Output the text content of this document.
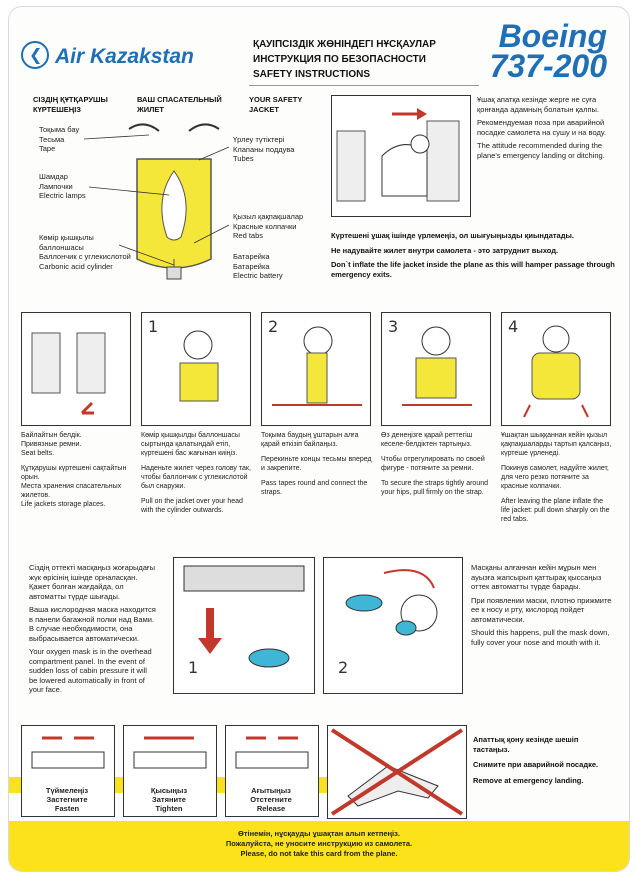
❮ Air Kazakstan
ҚАУІПСІЗДІК ЖӨНІНДЕГІ НҰСҚАУЛАР
ИНСТРУКЦИЯ ПО БЕЗОПАСНОСТИ
SAFETY INSTRUCTIONS
Boeing
737-200
СІЗДІҢ ҚҰТҚАРУШЫ КҮРТЕШЕҢІЗ
ВАШ СПАСАТЕЛЬНЫЙ ЖИЛЕТ
YOUR SAFETY JACKET
Тоқыма бау
Тесьма
Tape
Шамдар
Лампочки
Electric lamps
Көмір қышқылы баллоншасы
Баллончик с углекислотой
Carbonic acid cylinder
Үрлеу түтіктері
Клапаны поддува
Tubes
Қызыл қақпақшалар
Красные колпачки
Red tabs
Батарейка
Батарейка
Electric battery
Ұшақ апатқа кезінде жерге не суға қонғанда адамның болатын қалпы.
Рекомендуемая поза при аварийной посадке самолета на сушу и на воду.
The attitude recommended during the plane's emergency landing or ditching.
Күртешені ұшақ ішінде үрлемеңіз, ол шығуыңызды қиындатады.
Не надувайте жилет внутри самолета - это затруднит выход.
Don`t inflate the life jacket inside the plane as this will hamper passage through emergency exits.
1	2	3	4
Байлайтын белдік.
Привязные ремни.
Seat belts.
Құтқарушы күртешені сақтайтын орын.
Места хранения спасательных жилетов.
Life jackets storage places.
Көмір қышқылды баллоншасы сыртында қалатындай етіп, күртешені бас жағынан киіңіз.
Наденьте жилет через голову так, чтобы баллончик с углекислотой был снаружи.
Pull on the jacket over your head with the cylinder outwards.
Тоқыма баудың ұштарын алға қарай өткізіп байлаңыз.
Перекиньте концы тесьмы вперед и закрепите.
Pass tapes round and connect the straps.
Өз денеңізге қарай реттегіш кеселе-белдіктен тартыңыз.
Чтобы отрегулировать по своей фигуре - потяните за ремни.
To secure the straps tightly around your hips, pull firmly on the strap.
Ұшақтан шыққаннан кейін қызыл қақпақшаларды тартып қалсаңыз, күртеше үрленеді.
Покинув самолет, надуйте жилет, для чего резко потяните за красные колпачки.
After leaving the plane inflate the life jacket: pull down sharply on the red tabs.
Сіздің оттекті масқаңыз жоғарыдағы жүк өрісінің ішінде орналасқан. Қажет болған жағдайда, ол автоматты түрде шығады.
Ваша кислородная маска находится в панели багажной полки над Вами. В случае необходимости, она выбрасывается автоматически.
Your oxygen mask is in the overhead compartment panel. In the event of sudden loss of cabin pressure it will be lowered automatically in front of your face.
1	2
Масқаны алғаннан кейін мұрын мен ауызға жапсырып қаттырақ қыссаңыз оттек автоматты түрде барады.
При появлении маски, плотно прижмите ее к носу и рту, кислород пойдет автоматически.
Should this happens, pull the mask down, fully cover your nose and mouth with it.
Түймелеңіз
Застегните
Fasten
Қысыңыз
Затяните
Tighten
Ағытыңыз
Отстегните
Release
Апаттық қону кезінде шешіп тастаңыз.
Снимите при аварийной посадке.
Remove at emergency landing.
Өтінемін, нұсқауды ұшақтан алып кетпеңіз.
Пожалуйста, не уносите инструкцию из самолета.
Please, do not take this card from the plane.
